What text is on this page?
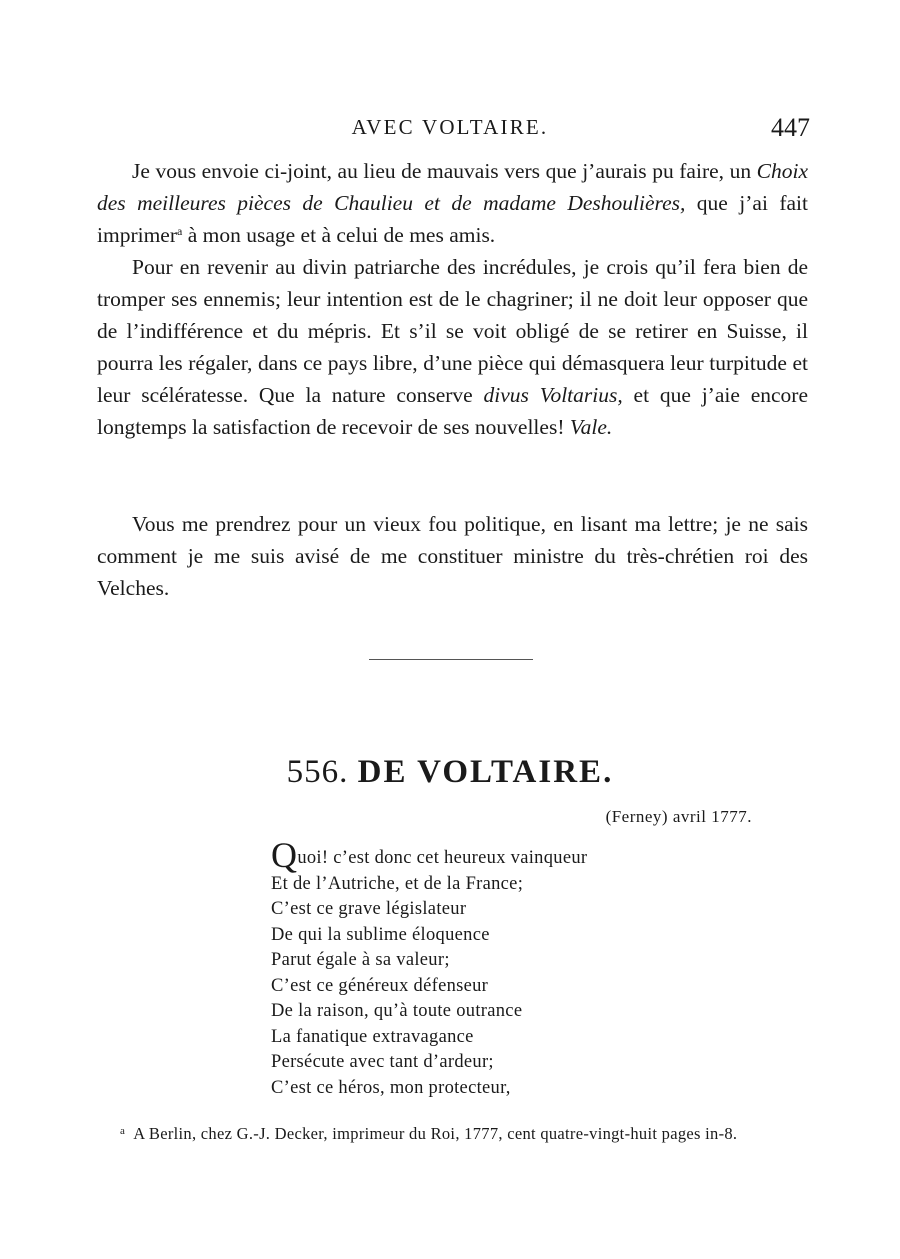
AVEC VOLTAIRE.	447

Je vous envoie ci-joint, au lieu de mauvais vers que j’aurais pu faire, un Choix des meilleures pièces de Chaulieu et de madame Deshoulières, que j’ai fait imprimer$^a$ à mon usage et à celui de mes amis.

Pour en revenir au divin patriarche des incrédules, je crois qu’il fera bien de tromper ses ennemis; leur intention est de le chagriner; il ne doit leur opposer que de l’indifférence et du mépris. Et s’il se voit obligé de se retirer en Suisse, il pourra les régaler, dans ce pays libre, d’une pièce qui démasquera leur turpitude et leur scélératesse. Que la nature conserve divus Voltarius, et que j’aie encore longtemps la satisfaction de recevoir de ses nouvelles! Vale.

Vous me prendrez pour un vieux fou politique, en lisant ma lettre; je ne sais comment je me suis avisé de me constituer ministre du très-chrétien roi des Velches.

556. DE VOLTAIRE.
(Ferney) avril 1777.
Quoi! c’est donc cet heureux vainqueur
Et de l’Autriche, et de la France;
C’est ce grave législateur
De qui la sublime éloquence
Parut égale à sa valeur;
C’est ce généreux défenseur
De la raison, qu’à toute outrance
La fanatique extravagance
Persécute avec tant d’ardeur;
C’est ce héros, mon protecteur,
$^a$ A Berlin, chez G.-J. Decker, imprimeur du Roi, 1777, cent quatre-vingt-huit pages in-8.
